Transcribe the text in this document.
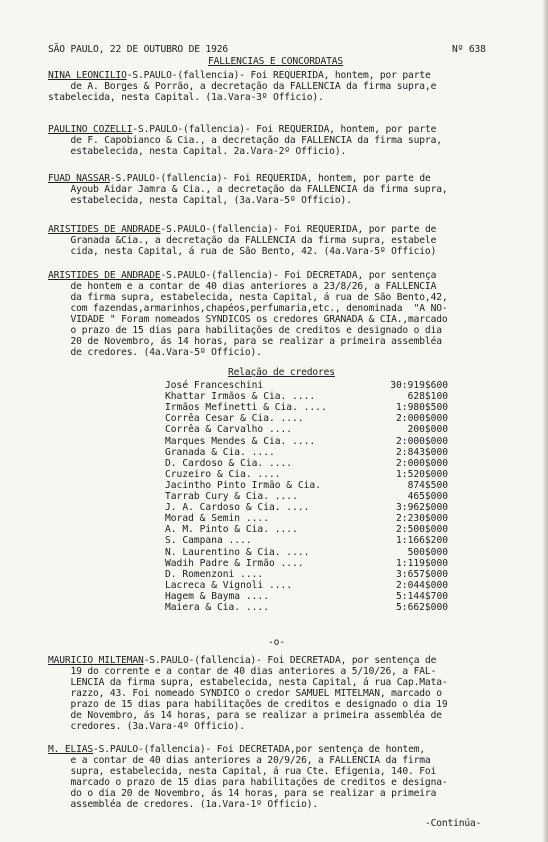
SÃO PAULO, 22 DE OUTUBRO DE 1926	Nº 638
FALLENCIAS E CONCORDATAS
NINA LEONCILIO-S.PAULO-(fallencia)- Foi REQUERIDA, hontem, por parte
de A. Borges & Porrão, a decretação da FALLENCIA da firma supra,e
stabelecida, nesta Capital. (1a.Vara-3º Officio).
PAULINO COZELLI-S.PAULO-(fallencia)- Foi REQUERIDA, hontem, por parte
de F. Capobianco & Cia., a decretação da FALLENCIA da firma supra,
estabelecida, nesta Capital. 2a.Vara-2º Officio).
FUAD NASSAR-S.PAULO-(fallencia)- Foi REQUERIDA, hontem, por parte de
Ayoub Aidar Jamra & Cia., a decretação da FALLENCIA da firma supra,
estabelecida, nesta Capital, (3a.Vara-5º Officio).
ARISTIDES DE ANDRADE-S.PAULO-(fallencia)- Foi REQUERIDA, por parte de
Granada &Cia., a decretação da FALLENCIA da firma supra, estabele
cida, nesta Capital, á rua de São Bento, 42. (4a.Vara-5º Officio)
ARISTIDES DE ANDRADE-S.PAULO-(fallencia)- Foi DECRETADA, por sentença
de hontem e a contar de 40 dias anteriores a 23/8/26, a FALLENCIA
da firma supra, estabelecida, nesta Capital, á rua de São Bento,42,
com fazendas,armarinhos,chapéos,perfumaria,etc., denominada  "A NO-
VIDADE " Foram nomeados SYNDICOS os credores GRANADA & CIA.,marcado
o prazo de 15 dias para habilitações de creditos e designado o dia
20 de Novembro, ás 14 horas, para se realizar a primeira assembléa
de credores. (4a.Vara-5º Officio).
Relação de credores
José Franceschini	30:919$600
Khattar Irmãos & Cia. ....	628$100
Irmãos Mefinetti & Cia. ....	1:980$500
Corrêa Cesar & Cia. ....	2:000$000
Corrêa & Carvalho ....	200$000
Marques Mendes & Cia. ....	2:000$000
Granada & Cia. ....	2:843$000
D. Cardoso & Cia. ....	2:000$000
Cruzeiro & Cia. ....	1:520$000
Jacintho Pinto Irmão & Cia.	874$500
Tarrab Cury & Cia. ....	465$000
J. A. Cardoso & Cia. ....	3:962$000
Morad & Semin ....	2:230$000
A. M. Pinto & Cia. ....	2:500$000
S. Campana ....	1:166$200
N. Laurentino & Cia. ....	500$000
Wadih Padre & Irmão ....	1:119$000
D. Romenzoni ....	3:657$000
Lacreca & Vignoli ....	2:044$000
Hagem & Bayma ....	5:144$700
Maiera & Cia. ....	5:662$000
-o-
MAURICIO MILTEMAN-S.PAULO-(fallencia)- Foi DECRETADA, por sentença de
19 do corrente e a contar de 40 dias anteriores a 5/10/26, a FAL-
LENCIA da firma supra, estabelecida, nesta Capital, á rua Cap.Mata-
razzo, 43. Foi nomeado SYNDICO o credor SAMUEL MITELMAN, marcado o
prazo de 15 dias para habilitações de creditos e designado o dia 19
de Novembro, ás 14 horas, para se realizar a primeira assembléa de
credores. (3a.Vara-4º Officio).
M. ELIAS-S.PAULO-(fallencia)- Foi DECRETADA,por sentença de hontem,
e a contar de 40 dias anteriores a 20/9/26, a FALLENCIA da firma
supra, estabelecida, nesta Capital, á rua Cte. Efigenia, 140. Foi
marcado o prazo de 15 dias para habilitações de creditos e designa-
do o dia 20 de Novembro, ás 14 horas, para se realizar a primeira
assembléa de credores. (1a.Vara-1º Officio).
-Continúa-
